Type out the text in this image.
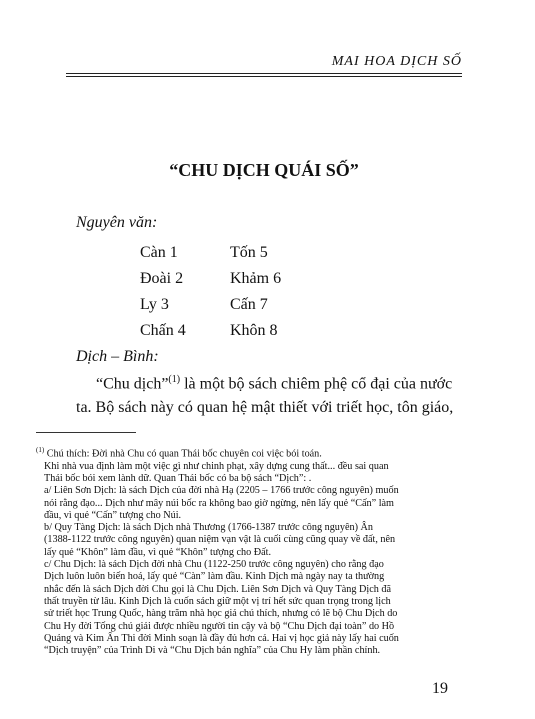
MAI HOA DỊCH SỐ
“CHU DỊCH QUÁI SỐ”
Nguyên văn:
Càn 1	Tốn 5
Đoài 2	Khảm 6
Ly 3	Cấn 7
Chấn 4	Khôn 8
Dịch – Bình:
“Chu dịch”$^{(1)}$ là một bộ sách chiêm phệ cổ đại của nước
ta. Bộ sách này có quan hệ mật thiết với triết học, tôn giáo,
$^{(1)}$ Chú thích: Đời nhà Chu có quan Thái bốc chuyên coi việc bói toán.
Khi nhà vua định làm một việc gì như chinh phạt, xây dựng cung thất... đều sai quan
Thái bốc bói xem lành dữ. Quan Thái bốc có ba bộ sách “Dịch”: .
a/ Liên Sơn Dịch: là sách Dịch của đời nhà Hạ (2205 – 1766 trước công nguyên) muốn
nói rằng đạo... Dịch như mây núi bốc ra không bao giờ ngừng, nên lấy quẻ “Cấn” làm
đầu, vì quẻ “Cấn” tượng cho Núi.
b/ Quy Tàng Dịch: là sách Dịch nhà Thương (1766-1387 trước công nguyên) Ân
(1388-1122 trước công nguyên) quan niệm vạn vật là cuối cùng cũng quay về đất, nên
lấy quẻ “Khôn” làm đầu, vì quẻ “Khôn” tượng cho Đất.
c/ Chu Dịch: là sách Dịch đời nhà Chu (1122-250 trước công nguyên) cho rằng đạo
Dịch luôn luôn biến hoá, lấy quẻ “Càn” làm đầu. Kinh Dịch mà ngày nay ta thường
nhắc đến là sách Dịch đời Chu gọi là Chu Dịch. Liên Sơn Dịch và Quy Tàng Dịch đã
thất truyền từ lâu. Kinh Dịch là cuốn sách giữ một vị trí hết sức quan trọng trong lịch
sử triết học Trung Quốc, hàng trăm nhà học giả chú thích, nhưng có lẽ bộ Chu Dịch do
Chu Hy đời Tống chú giải được nhiều người tin cậy và bộ “Chu Dịch đại toàn” do Hồ
Quảng và Kim Ấn Thi đời Minh soạn là đầy đủ hơn cả. Hai vị học giả này lấy hai cuốn
“Dịch truyện” của Trình Di và “Chu Dịch bản nghĩa” của Chu Hy làm phần chính.
19
